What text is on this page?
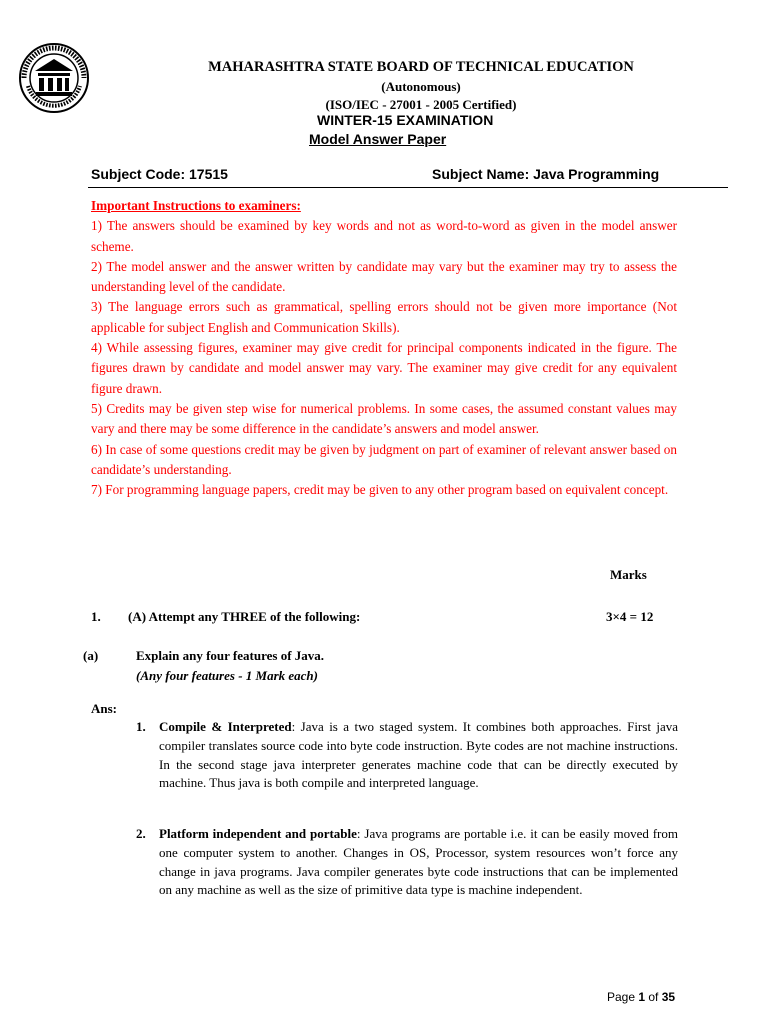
MAHARASHTRA STATE BOARD OF TECHNICAL EDUCATION
(Autonomous)
(ISO/IEC - 27001 - 2005 Certified)
WINTER-15 EXAMINATION
Model Answer Paper
Subject Code: 17515	Subject Name: Java Programming
Important Instructions to examiners:
1) The answers should be examined by key words and not as word-to-word as given in the model answer scheme.
2) The model answer and the answer written by candidate may vary but the examiner may try to assess the understanding level of the candidate.
3) The language errors such as grammatical, spelling errors should not be given more importance (Not applicable for subject English and Communication Skills).
4) While assessing figures, examiner may give credit for principal components indicated in the figure. The figures drawn by candidate and model answer may vary. The examiner may give credit for any equivalent figure drawn.
5) Credits may be given step wise for numerical problems. In some cases, the assumed constant values may vary and there may be some difference in the candidate’s answers and model answer.
6) In case of some questions credit may be given by judgment on part of examiner of relevant answer based on candidate’s understanding.
7) For programming language papers, credit may be given to any other program based on equivalent concept.
Marks
1. (A) Attempt any THREE of the following:	3×4 = 12
(a)	Explain any four features of Java.
(Any four features - 1 Mark each)
Ans:
1. Compile & Interpreted: Java is a two staged system. It combines both approaches. First java compiler translates source code into byte code instruction. Byte codes are not machine instructions. In the second stage java interpreter generates machine code that can be directly executed by machine. Thus java is both compile and interpreted language.
2. Platform independent and portable: Java programs are portable i.e. it can be easily moved from one computer system to another. Changes in OS, Processor, system resources won’t force any change in java programs. Java compiler generates byte code instructions that can be implemented on any machine as well as the size of primitive data type is machine independent.
Page 1 of 35
